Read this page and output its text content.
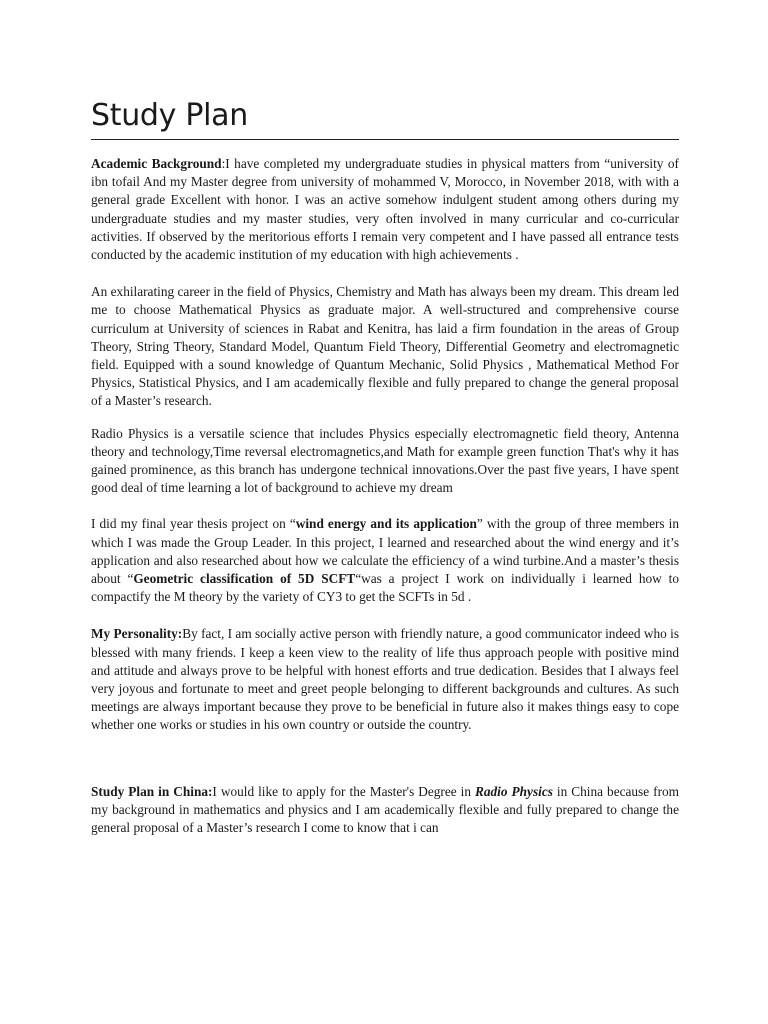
Study Plan

Academic Background:I have completed my undergraduate studies in physical matters from “university of ibn tofail And my Master degree from university of mohammed V, Morocco, in November 2018, with with a general grade Excellent with honor. I was an active somehow indulgent student among others during my undergraduate studies and my master studies, very often involved in many curricular and co-curricular activities. If observed by the meritorious efforts I remain very competent and I have passed all entrance tests conducted by the academic institution of my education with high achievements .

An exhilarating career in the field of Physics, Chemistry and Math has always been my dream. This dream led me to choose Mathematical Physics as graduate major. A well-structured and comprehensive course curriculum at University of sciences in Rabat and Kenitra, has laid a firm foundation in the areas of Group Theory, String Theory, Standard Model, Quantum Field Theory, Differential Geometry and electromagnetic field. Equipped with a sound knowledge of Quantum Mechanic, Solid Physics , Mathematical Method For Physics, Statistical Physics, and I am academically flexible and fully prepared to change the general proposal of a Master’s research.

Radio Physics is a versatile science that includes Physics especially electromagnetic field theory, Antenna theory and technology,Time reversal electromagnetics,and Math for example green function That's why it has gained prominence, as this branch has undergone technical innovations.Over the past five years, I have spent good deal of time learning a lot of background to achieve my dream

I did my final year thesis project on “wind energy and its application” with the group of three members in which I was made the Group Leader. In this project, I learned and researched about the wind energy and it’s application and also researched about how we calculate the efficiency of a wind turbine.And a master’s thesis about “Geometric classification of 5D SCFT“was a project I work on individually i learned how to compactify the M theory by the variety of CY3 to get the SCFTs in 5d .

My Personality:By fact, I am socially active person with friendly nature, a good communicator indeed who is blessed with many friends. I keep a keen view to the reality of life thus approach people with positive mind and attitude and always prove to be helpful with honest efforts and true dedication. Besides that I always feel very joyous and fortunate to meet and greet people belonging to different backgrounds and cultures. As such meetings are always important because they prove to be beneficial in future also it makes things easy to cope whether one works or studies in his own country or outside the country.

Study Plan in China:I would like to apply for the Master's Degree in Radio Physics in China because from my background in mathematics and physics and I am academically flexible and fully prepared to change the general proposal of a Master’s research I come to know that i can
